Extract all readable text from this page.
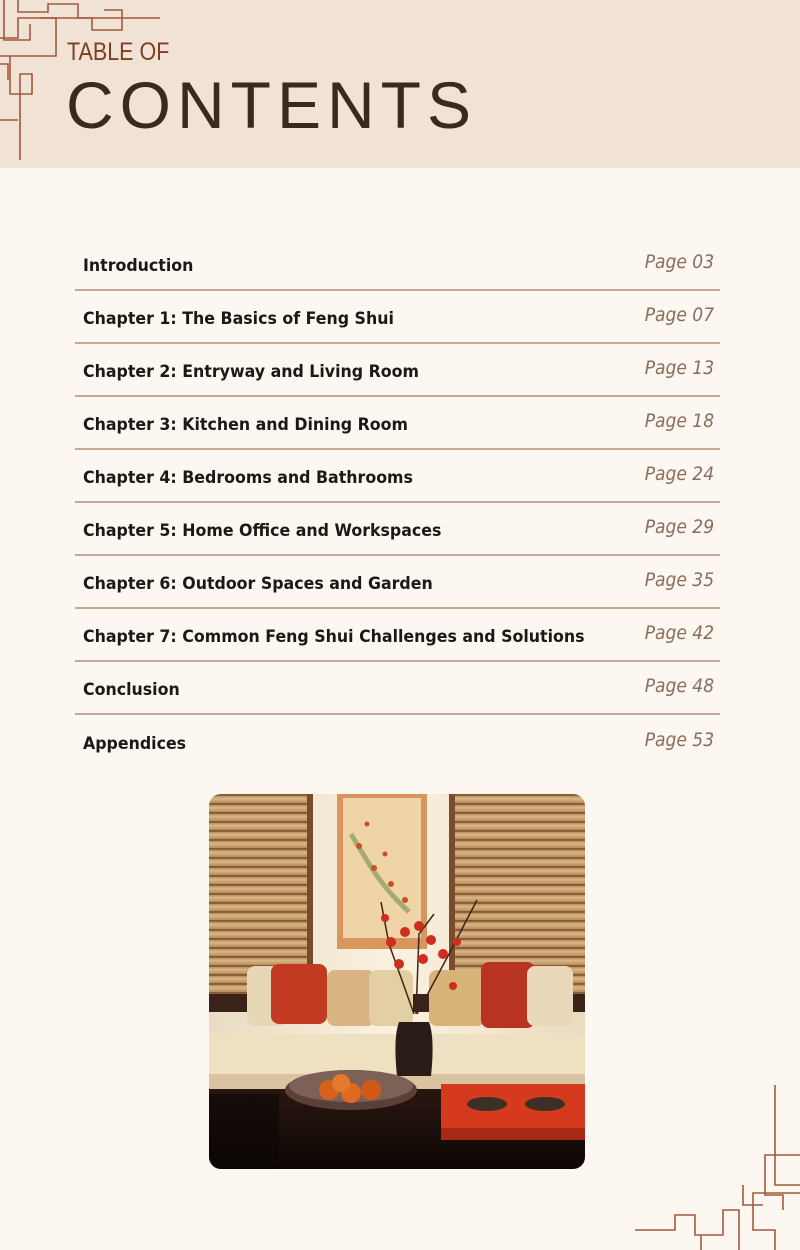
TABLE OF
CONTENTS
Introduction	Page 03
Chapter 1: The Basics of Feng Shui	Page 07
Chapter 2: Entryway and Living Room	Page 13
Chapter 3: Kitchen and Dining Room	Page 18
Chapter 4: Bedrooms and Bathrooms	Page 24
Chapter 5: Home Office and Workspaces	Page 29
Chapter 6: Outdoor Spaces and Garden	Page 35
Chapter 7: Common Feng Shui Challenges and Solutions	Page 42
Conclusion	Page 48
Appendices	Page 53
